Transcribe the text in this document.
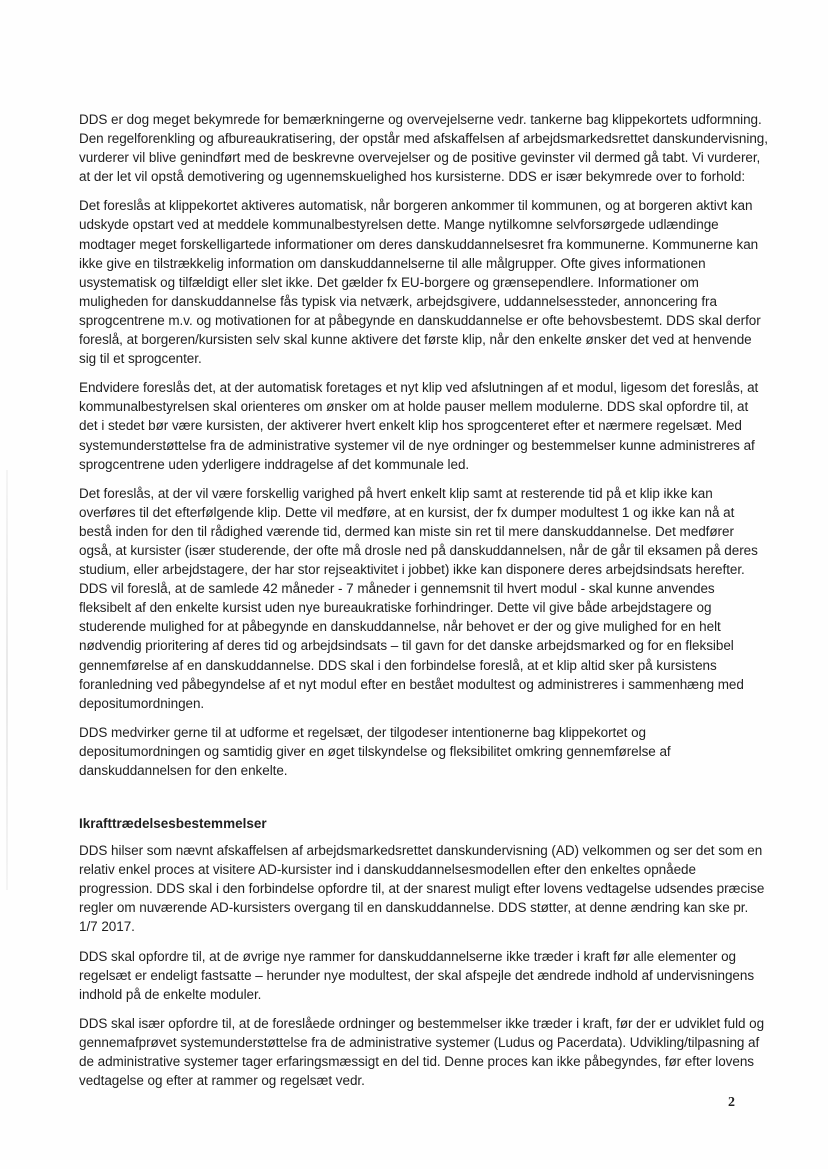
DDS er dog meget bekymrede for bemærkningerne og overvejelserne vedr. tankerne bag klippekortets udformning. Den regelforenkling og afbureaukratisering, der opstår med afskaffelsen af arbejdsmarkedsrettet danskundervisning, vurderer vil blive genindført med de beskrevne overvejelser og de positive gevinster vil dermed gå tabt. Vi vurderer, at der let vil opstå demotivering og ugennemskuelighed hos kursisterne. DDS er især bekymrede over to forhold:

Det foreslås at klippekortet aktiveres automatisk, når borgeren ankommer til kommunen, og at borgeren aktivt kan udskyde opstart ved at meddele kommunalbestyrelsen dette. Mange nytilkomne selvforsørgede udlændinge modtager meget forskelligartede informationer om deres danskuddannelsesret fra kommunerne. Kommunerne kan ikke give en tilstrækkelig information om danskuddannelserne til alle målgrupper. Ofte gives informationen usystematisk og tilfældigt eller slet ikke. Det gælder fx EU-borgere og grænsependlere. Informationer om muligheden for danskuddannelse fås typisk via netværk, arbejdsgivere, uddannelsessteder, annoncering fra sprogcentrene m.v. og motivationen for at påbegynde en danskuddannelse er ofte behovsbestemt. DDS skal derfor foreslå, at borgeren/kursisten selv skal kunne aktivere det første klip, når den enkelte ønsker det ved at henvende sig til et sprogcenter.

Endvidere foreslås det, at der automatisk foretages et nyt klip ved afslutningen af et modul, ligesom det foreslås, at kommunalbestyrelsen skal orienteres om ønsker om at holde pauser mellem modulerne. DDS skal opfordre til, at det i stedet bør være kursisten, der aktiverer hvert enkelt klip hos sprogcenteret efter et nærmere regelsæt. Med systemunderstøttelse fra de administrative systemer vil de nye ordninger og bestemmelser kunne administreres af sprogcentrene uden yderligere inddragelse af det kommunale led.

Det foreslås, at der vil være forskellig varighed på hvert enkelt klip samt at resterende tid på et klip ikke kan overføres til det efterfølgende klip. Dette vil medføre, at en kursist, der fx dumper modultest 1 og ikke kan nå at bestå inden for den til rådighed værende tid, dermed kan miste sin ret til mere danskuddannelse. Det medfører også, at kursister (især studerende, der ofte må drosle ned på danskuddannelsen, når de går til eksamen på deres studium, eller arbejdstagere, der har stor rejseaktivitet i jobbet) ikke kan disponere deres arbejdsindsats herefter. DDS vil foreslå, at de samlede 42 måneder - 7 måneder i gennemsnit til hvert modul - skal kunne anvendes fleksibelt af den enkelte kursist uden nye bureaukratiske forhindringer. Dette vil give både arbejdstagere og studerende mulighed for at påbegynde en danskuddannelse, når behovet er der og give mulighed for en helt nødvendig prioritering af deres tid og arbejdsindsats – til gavn for det danske arbejdsmarked og for en fleksibel gennemførelse af en danskuddannelse. DDS skal i den forbindelse foreslå, at et klip altid sker på kursistens foranledning ved påbegyndelse af et nyt modul efter en bestået modultest og administreres i sammenhæng med depositumordningen.

DDS medvirker gerne til at udforme et regelsæt, der tilgodeser intentionerne bag klippekortet og depositumordningen og samtidig giver en øget tilskyndelse og fleksibilitet omkring gennemførelse af danskuddannelsen for den enkelte.

Ikrafttrædelsesbestemmelser

DDS hilser som nævnt afskaffelsen af arbejdsmarkedsrettet danskundervisning (AD) velkommen og ser det som en relativ enkel proces at visitere AD-kursister ind i danskuddannelsesmodellen efter den enkeltes opnåede progression. DDS skal i den forbindelse opfordre til, at der snarest muligt efter lovens vedtagelse udsendes præcise regler om nuværende AD-kursisters overgang til en danskuddannelse. DDS støtter, at denne ændring kan ske pr. 1/7 2017.

DDS skal opfordre til, at de øvrige nye rammer for danskuddannelserne ikke træder i kraft før alle elementer og regelsæt er endeligt fastsatte – herunder nye modultest, der skal afspejle det ændrede indhold af undervisningens indhold på de enkelte moduler.

DDS skal især opfordre til, at de foreslåede ordninger og bestemmelser ikke træder i kraft, før der er udviklet fuld og gennemafprøvet systemunderstøttelse fra de administrative systemer (Ludus og Pacerdata). Udvikling/tilpasning af de administrative systemer tager erfaringsmæssigt en del tid. Denne proces kan ikke påbegyndes, før efter lovens vedtagelse og efter at rammer og regelsæt vedr.

2
